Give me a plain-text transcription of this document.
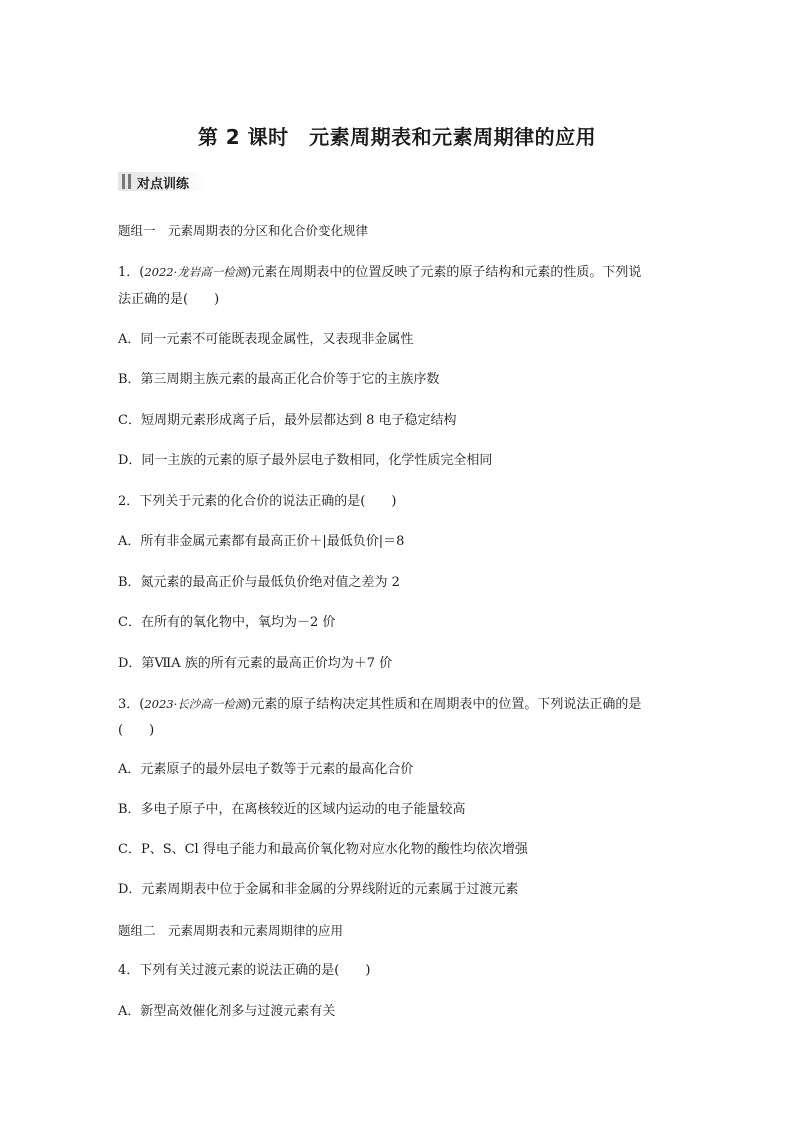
第 2 课时　元素周期表和元素周期律的应用
对点训练
题组一　元素周期表的分区和化合价变化规律
1．(2022·龙岩高一检测)元素在周期表中的位置反映了元素的原子结构和元素的性质。下列说
法正确的是(　　)
A．同一元素不可能既表现金属性，又表现非金属性
B．第三周期主族元素的最高正化合价等于它的主族序数
C．短周期元素形成离子后，最外层都达到 8 电子稳定结构
D．同一主族的元素的原子最外层电子数相同，化学性质完全相同
2．下列关于元素的化合价的说法正确的是(　　)
A．所有非金属元素都有最高正价＋|最低负价|＝8
B．氮元素的最高正价与最低负价绝对值之差为 2
C．在所有的氧化物中，氧均为－2 价
D．第ⅦA 族的所有元素的最高正价均为＋7 价
3．(2023·长沙高一检测)元素的原子结构决定其性质和在周期表中的位置。下列说法正确的是
(　　)
A．元素原子的最外层电子数等于元素的最高化合价
B．多电子原子中，在离核较近的区域内运动的电子能量较高
C．P、S、Cl 得电子能力和最高价氧化物对应水化物的酸性均依次增强
D．元素周期表中位于金属和非金属的分界线附近的元素属于过渡元素
题组二　元素周期表和元素周期律的应用
4．下列有关过渡元素的说法正确的是(　　)
A．新型高效催化剂多与过渡元素有关
